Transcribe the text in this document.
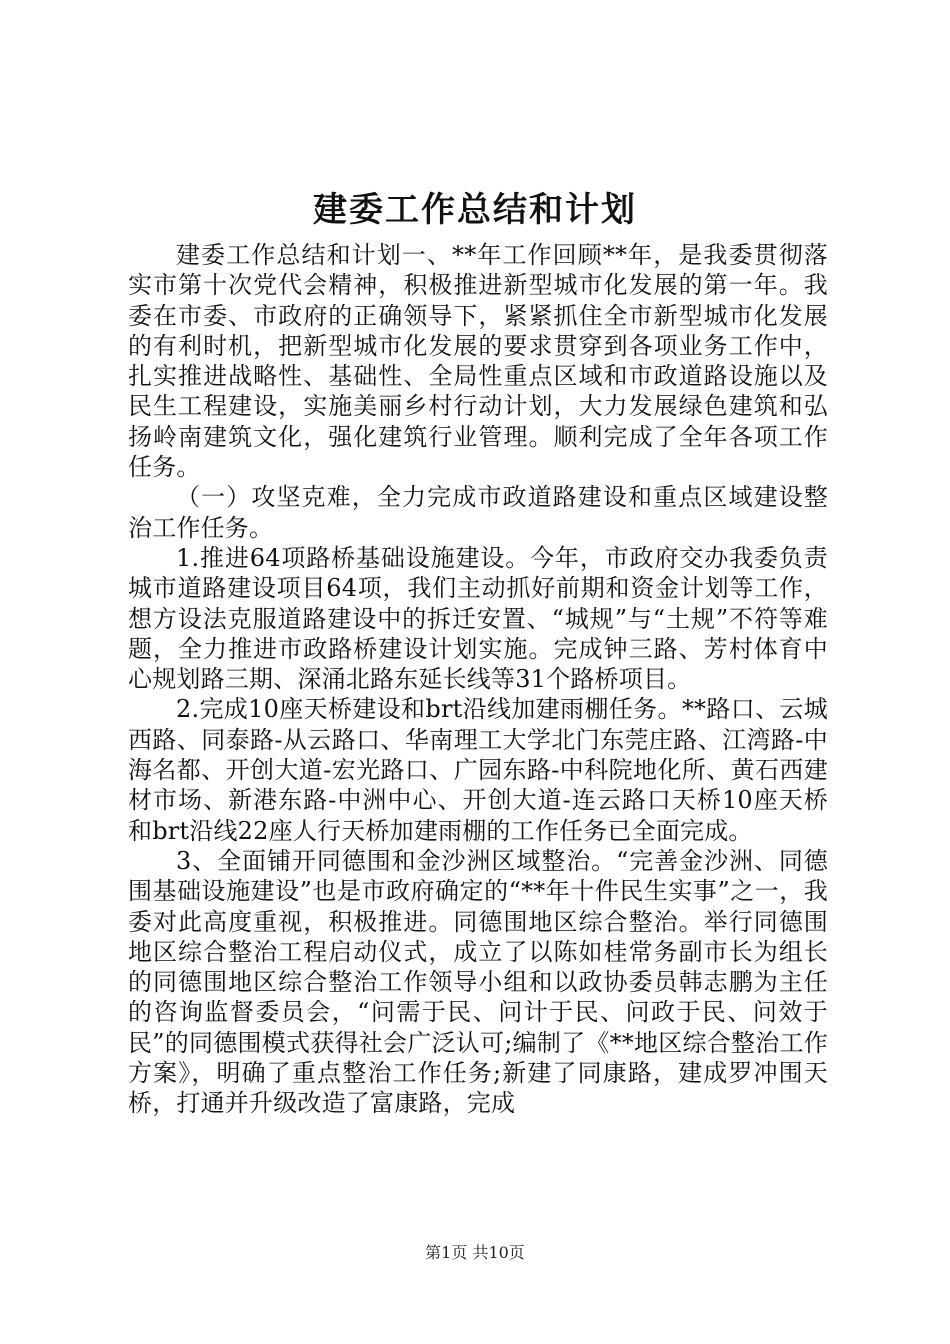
建委工作总结和计划

建委工作总结和计划一、**年工作回顾**年，是我委贯彻落实市第十次党代会精神，积极推进新型城市化发展的第一年。我委在市委、市政府的正确领导下，紧紧抓住全市新型城市化发展的有利时机，把新型城市化发展的要求贯穿到各项业务工作中，扎实推进战略性、基础性、全局性重点区域和市政道路设施以及民生工程建设，实施美丽乡村行动计划，大力发展绿色建筑和弘扬岭南建筑文化，强化建筑行业管理。顺利完成了全年各项工作任务。

（一）攻坚克难，全力完成市政道路建设和重点区域建设整治工作任务。

1.推进64项路桥基础设施建设。今年，市政府交办我委负责城市道路建设项目64项，我们主动抓好前期和资金计划等工作，想方设法克服道路建设中的拆迁安置、“城规”与“土规”不符等难题，全力推进市政路桥建设计划实施。完成钟三路、芳村体育中心规划路三期、深涌北路东延长线等31个路桥项目。

2.完成10座天桥建设和brt沿线加建雨棚任务。**路口、云城西路、同泰路-从云路口、华南理工大学北门东莞庄路、江湾路-中海名都、开创大道-宏光路口、广园东路-中科院地化所、黄石西建材市场、新港东路-中洲中心、开创大道-连云路口天桥10座天桥和brt沿线22座人行天桥加建雨棚的工作任务已全面完成。

3、全面铺开同德围和金沙洲区域整治。“完善金沙洲、同德围基础设施建设”也是市政府确定的“**年十件民生实事”之一，我委对此高度重视，积极推进。同德围地区综合整治。举行同德围地区综合整治工程启动仪式，成立了以陈如桂常务副市长为组长的同德围地区综合整治工作领导小组和以政协委员韩志鹏为主任的咨询监督委员会，“问需于民、问计于民、问政于民、问效于民”的同德围模式获得社会广泛认可;编制了《**地区综合整治工作方案》，明确了重点整治工作任务;新建了同康路，建成罗冲围天桥，打通并升级改造了富康路，完成

第1页 共10页
